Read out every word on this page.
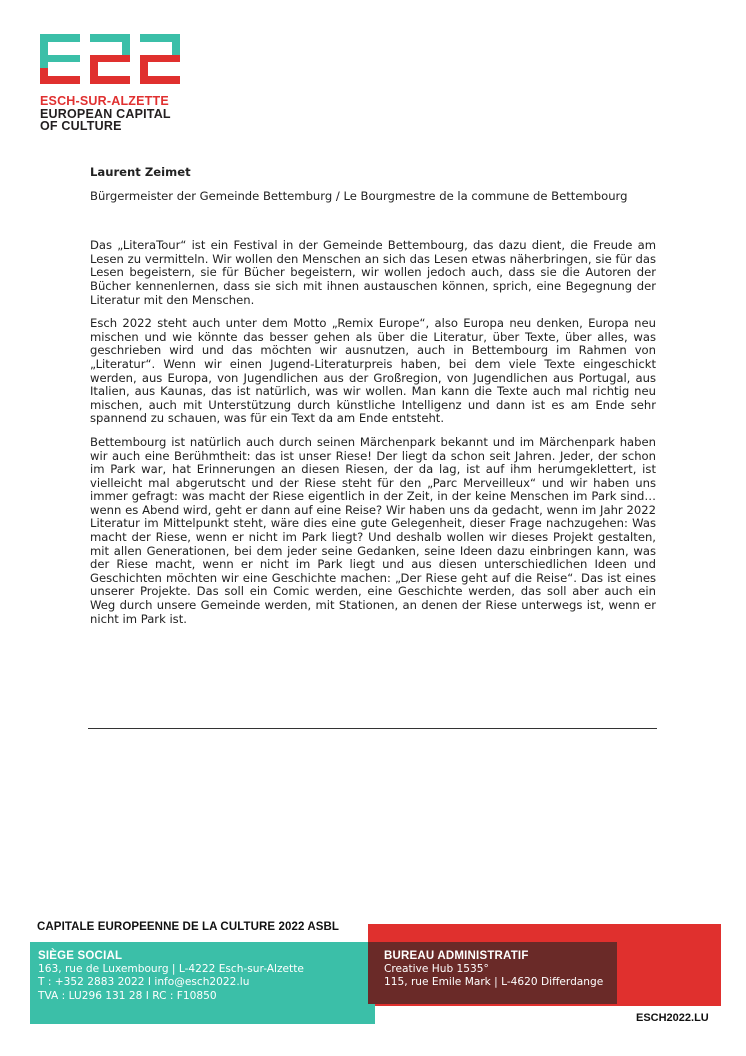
ESCH-SUR-ALZETTE
EUROPEAN CAPITAL
OF CULTURE

Laurent Zeimet

Bürgermeister der Gemeinde Bettemburg / Le Bourgmestre de la commune de Bettembourg

Das „LiteraTour“ ist ein Festival in der Gemeinde Bettembourg, das dazu dient, die Freude am Lesen zu vermitteln. Wir wollen den Menschen an sich das Lesen etwas näherbringen, sie für das Lesen begeistern, sie für Bücher begeistern, wir wollen jedoch auch, dass sie die Autoren der Bücher kennenlernen, dass sie sich mit ihnen austauschen können, sprich, eine Begegnung der Literatur mit den Menschen.

Esch 2022 steht auch unter dem Motto „Remix Europe“, also Europa neu denken, Europa neu mischen und wie könnte das besser gehen als über die Literatur, über Texte, über alles, was geschrieben wird und das möchten wir ausnutzen, auch in Bettembourg im Rahmen von „Literatur“. Wenn wir einen Jugend-Literaturpreis haben, bei dem viele Texte eingeschickt werden, aus Europa, von Jugendlichen aus der Großregion, von Jugendlichen aus Portugal, aus Italien, aus Kaunas, das ist natürlich, was wir wollen. Man kann die Texte auch mal richtig neu mischen, auch mit Unterstützung durch künstliche Intelligenz und dann ist es am Ende sehr spannend zu schauen, was für ein Text da am Ende entsteht.

Bettembourg ist natürlich auch durch seinen Märchenpark bekannt und im Märchenpark haben wir auch eine Berühmtheit: das ist unser Riese! Der liegt da schon seit Jahren. Jeder, der schon im Park war, hat Erinnerungen an diesen Riesen, der da lag, ist auf ihm herumgeklettert, ist vielleicht mal abgerutscht und der Riese steht für den „Parc Merveilleux“ und wir haben uns immer gefragt: was macht der Riese eigentlich in der Zeit, in der keine Menschen im Park sind… wenn es Abend wird, geht er dann auf eine Reise? Wir haben uns da gedacht, wenn im Jahr 2022 Literatur im Mittelpunkt steht, wäre dies eine gute Gelegenheit, dieser Frage nachzugehen: Was macht der Riese, wenn er nicht im Park liegt? Und deshalb wollen wir dieses Projekt gestalten, mit allen Generationen, bei dem jeder seine Gedanken, seine Ideen dazu einbringen kann, was der Riese macht, wenn er nicht im Park liegt und aus diesen unterschiedlichen Ideen und Geschichten möchten wir eine Geschichte machen: „Der Riese geht auf die Reise“. Das ist eines unserer Projekte. Das soll ein Comic werden, eine Geschichte werden, das soll aber auch ein Weg durch unsere Gemeinde werden, mit Stationen, an denen der Riese unterwegs ist, wenn er nicht im Park ist.

CAPITALE EUROPEENNE DE LA CULTURE 2022 ASBL
SIÈGE SOCIAL
163, rue de Luxembourg | L-4222 Esch-sur-Alzette
T : +352 2883 2022 I info@esch2022.lu
TVA : LU296 131 28 I RC : F10850
BUREAU ADMINISTRATIF
Creative Hub 1535°
115, rue Emile Mark | L-4620 Differdange
ESCH2022.LU
